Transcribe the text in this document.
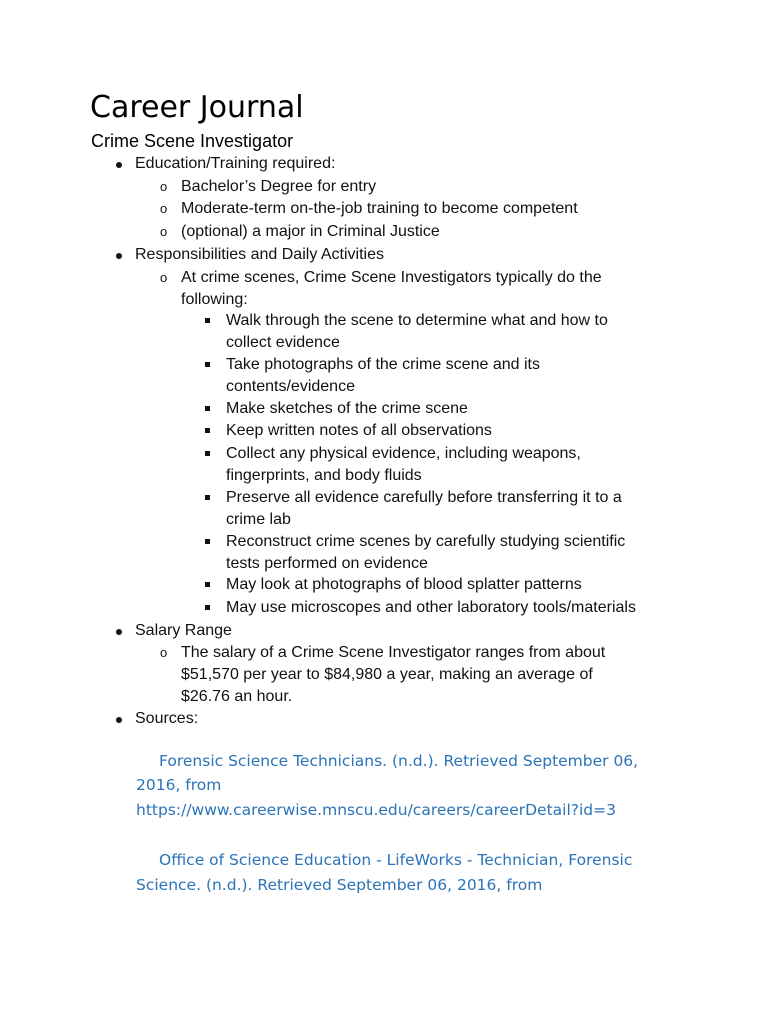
Career Journal
Crime Scene Investigator
Education/Training required:
o Bachelor’s Degree for entry
o Moderate-term on-the-job training to become competent
o (optional) a major in Criminal Justice
Responsibilities and Daily Activities
o At crime scenes, Crime Scene Investigators typically do the
following:
Walk through the scene to determine what and how to
collect evidence
Take photographs of the crime scene and its
contents/evidence
Make sketches of the crime scene
Keep written notes of all observations
Collect any physical evidence, including weapons,
fingerprints, and body fluids
Preserve all evidence carefully before transferring it to a
crime lab
Reconstruct crime scenes by carefully studying scientific
tests performed on evidence
May look at photographs of blood splatter patterns
May use microscopes and other laboratory tools/materials
Salary Range
o The salary of a Crime Scene Investigator ranges from about
$51,570 per year to $84,980 a year, making an average of
$26.76 an hour.
Sources:
Forensic Science Technicians. (n.d.). Retrieved September 06,
2016, from
https://www.careerwise.mnscu.edu/careers/careerDetail?id=3
Office of Science Education - LifeWorks - Technician, Forensic
Science. (n.d.). Retrieved September 06, 2016, from
